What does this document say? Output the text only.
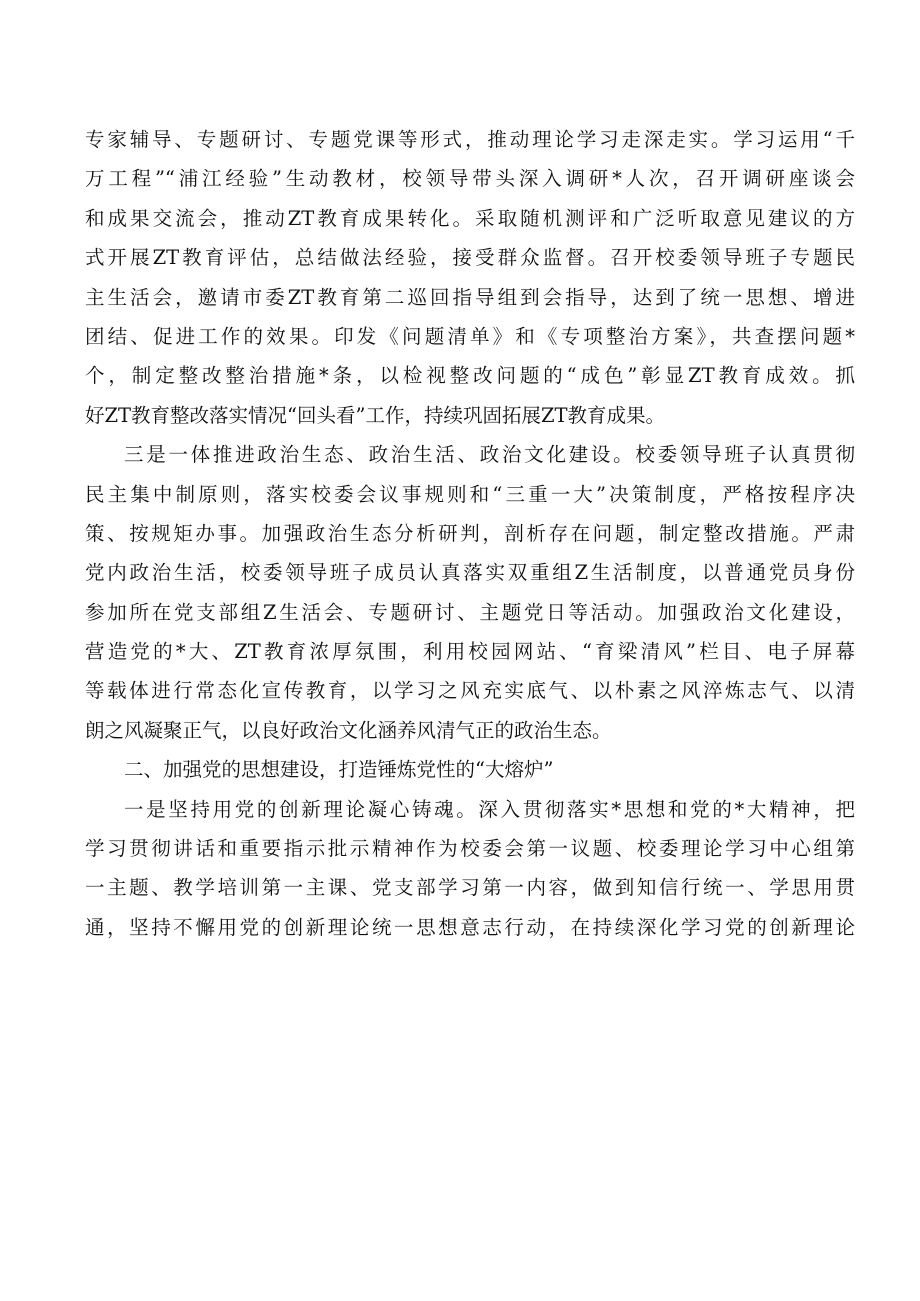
专家辅导、专题研讨、专题党课等形式，推动理论学习走深走实。学习运用“千
万工程”“浦江经验”生动教材，校领导带头深入调研*人次，召开调研座谈会
和成果交流会，推动ZT教育成果转化。采取随机测评和广泛听取意见建议的方
式开展ZT教育评估，总结做法经验，接受群众监督。召开校委领导班子专题民
主生活会，邀请市委ZT教育第二巡回指导组到会指导，达到了统一思想、增进
团结、促进工作的效果。印发《问题清单》和《专项整治方案》，共查摆问题*
个，制定整改整治措施*条，以检视整改问题的“成色”彰显ZT教育成效。抓
好ZT教育整改落实情况“回头看”工作，持续巩固拓展ZT教育成果。
三是一体推进政治生态、政治生活、政治文化建设。校委领导班子认真贯彻
民主集中制原则，落实校委会议事规则和“三重一大”决策制度，严格按程序决
策、按规矩办事。加强政治生态分析研判，剖析存在问题，制定整改措施。严肃
党内政治生活，校委领导班子成员认真落实双重组Z生活制度，以普通党员身份
参加所在党支部组Z生活会、专题研讨、主题党日等活动。加强政治文化建设，
营造党的*大、ZT教育浓厚氛围，利用校园网站、“育梁清风”栏目、电子屏幕
等载体进行常态化宣传教育，以学习之风充实底气、以朴素之风淬炼志气、以清
朗之风凝聚正气，以良好政治文化涵养风清气正的政治生态。
二、加强党的思想建设，打造锤炼党性的“大熔炉”
一是坚持用党的创新理论凝心铸魂。深入贯彻落实*思想和党的*大精神，把
学习贯彻讲话和重要指示批示精神作为校委会第一议题、校委理论学习中心组第
一主题、教学培训第一主课、党支部学习第一内容，做到知信行统一、学思用贯
通，坚持不懈用党的创新理论统一思想意志行动，在持续深化学习党的创新理论
